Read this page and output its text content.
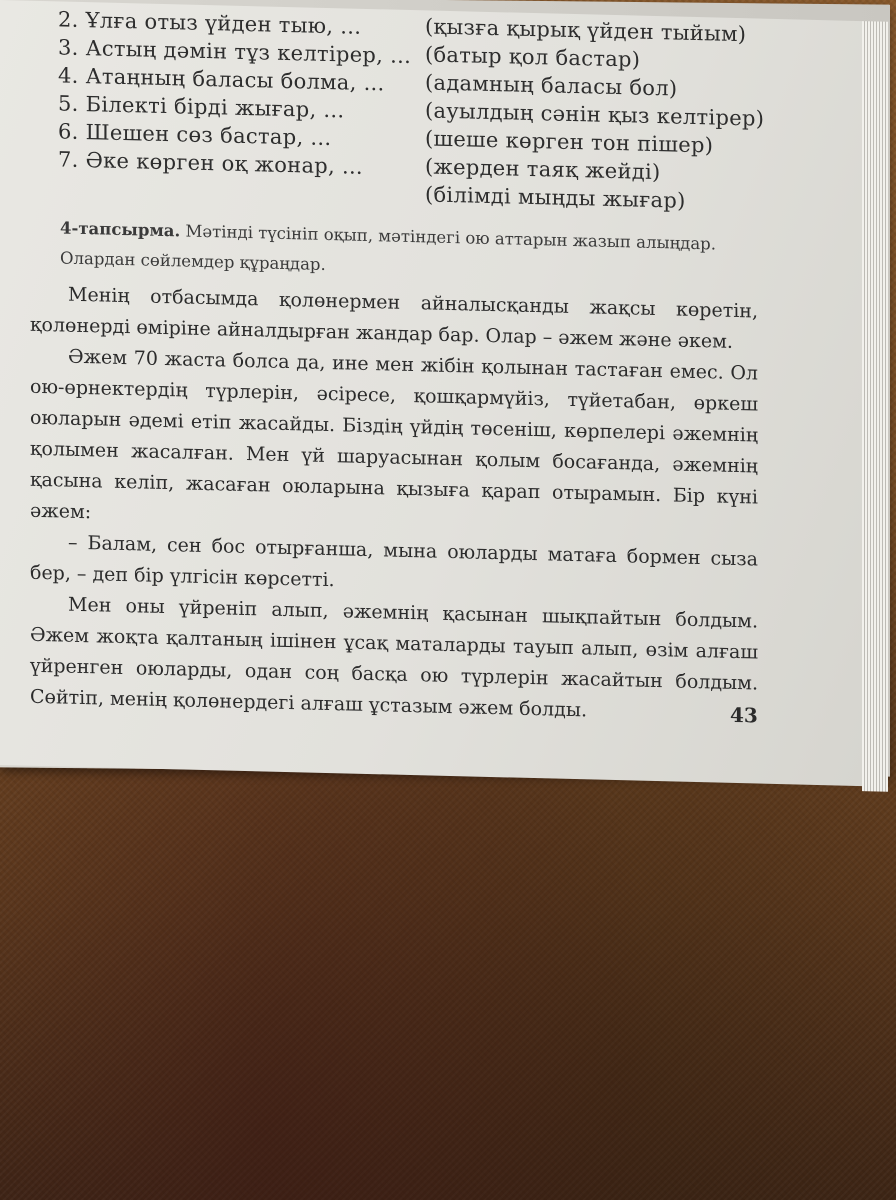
2. Ұлға отыз үйден тыю, ...	(қызға қырық үйден тыйым)
3. Астың дәмін тұз келтірер, ... (батыр қол бастар)
4. Атаңның баласы болма, ... (адамның баласы бол)
5. Білекті бірді жығар, ...	(ауылдың сәнін қыз келтірер)
6. Шешен сөз бастар, ...	(шеше көрген тон пішер)
7. Әке көрген оқ жонар, ...	(жерден таяқ жейді)
(білімді мыңды жығар)
4-тапсырма. Мәтінді түсініп оқып, мәтіндегі ою аттарын жазып алыңдар. Олардан сөйлемдер құраңдар.

Менің отбасымда қолөнермен айналысқанды жақсы көретін, қолөнерді өміріне айналдырған жандар бар. Олар – әжем және әкем.

Әжем 70 жаста болса да, ине мен жібін қолынан тастаған емес. Ол ою-өрнектердің түрлерін, әсіресе, қошқармүйіз, түйетабан, өркеш оюларын әдемі етіп жасайды. Біздің үйдің төсеніш, көрпелері әжемнің қолымен жасалған. Мен үй шаруасынан қолым босағанда, әжемнің қасына келіп, жасаған оюларына қызыға қарап отырамын. Бір күні әжем:

– Балам, сен бос отырғанша, мына оюларды матаға бормен сыза бер, – деп бір үлгісін көрсетті.

Мен оны үйреніп алып, әжемнің қасынан шықпайтын болдым. Әжем жоқта қалтаның ішінен ұсақ маталарды тауып алып, өзім алғаш үйренген оюларды, одан соң басқа ою түрлерін жасайтын болдым. Сөйтіп, менің қолөнердегі алғаш ұстазым әжем болды.	43
